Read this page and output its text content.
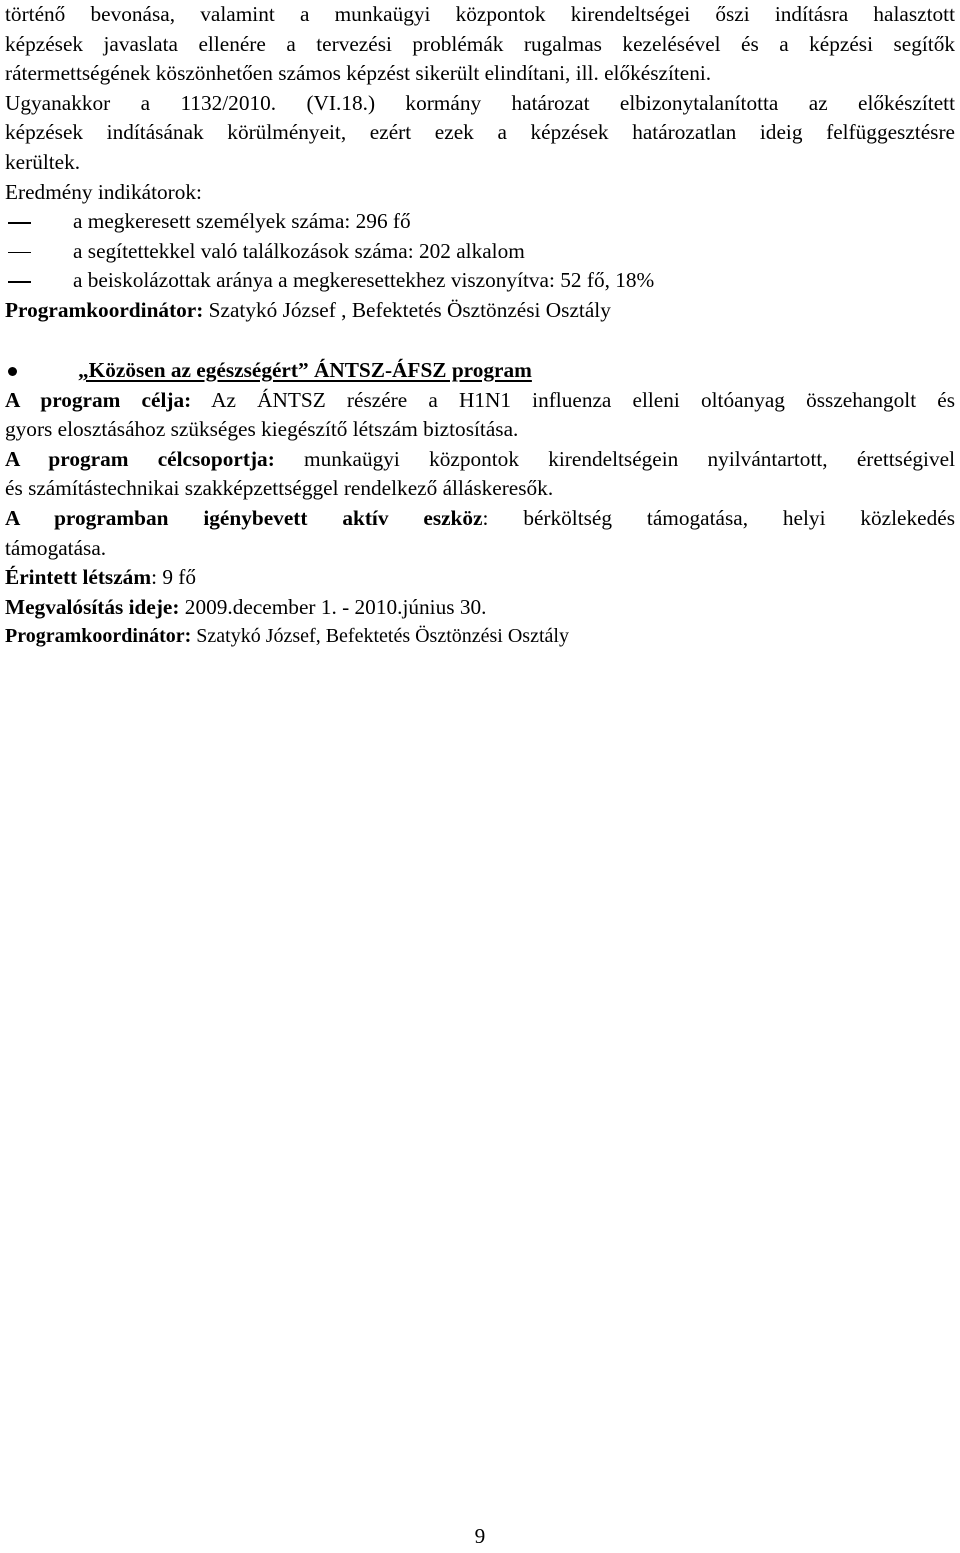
történő bevonása, valamint a munkaügyi központok kirendeltségei őszi indításra halasztott
képzések javaslata ellenére a tervezési problémák rugalmas kezelésével és a képzési segítők
rátermettségének köszönhetően számos képzést sikerült elindítani, ill. előkészíteni.
Ugyanakkor a 1132/2010. (VI.18.) kormány határozat elbizonytalanította az előkészített
képzések indításának körülményeit, ezért ezek a képzések határozatlan ideig felfüggesztésre
kerültek.

Eredmény indikátorok:

a megkeresett személyek száma: 296 fő
a segítettekkel való találkozások száma: 202 alkalom
a beiskolázottak aránya a megkeresettekhez viszonyítva: 52 fő, 18%

Programkoordinátor: Szatykó József , Befektetés Ösztönzési Osztály

„Közösen az egészségért” ÁNTSZ-ÁFSZ program
A program célja: Az ÁNTSZ részére a H1N1 influenza elleni oltóanyag összehangolt és
gyors elosztásához szükséges kiegészítő létszám biztosítása.
A program célcsoportja: munkaügyi központok kirendeltségein nyilvántartott, érettségivel
és számítástechnikai szakképzettséggel rendelkező álláskeresők.
A programban igénybevett aktív eszköz: bérköltség támogatása, helyi közlekedés
támogatása.

Érintett létszám: 9 fő

Megvalósítás ideje: 2009.december 1. - 2010.június 30.

Programkoordinátor: Szatykó József, Befektetés Ösztönzési Osztály

9
